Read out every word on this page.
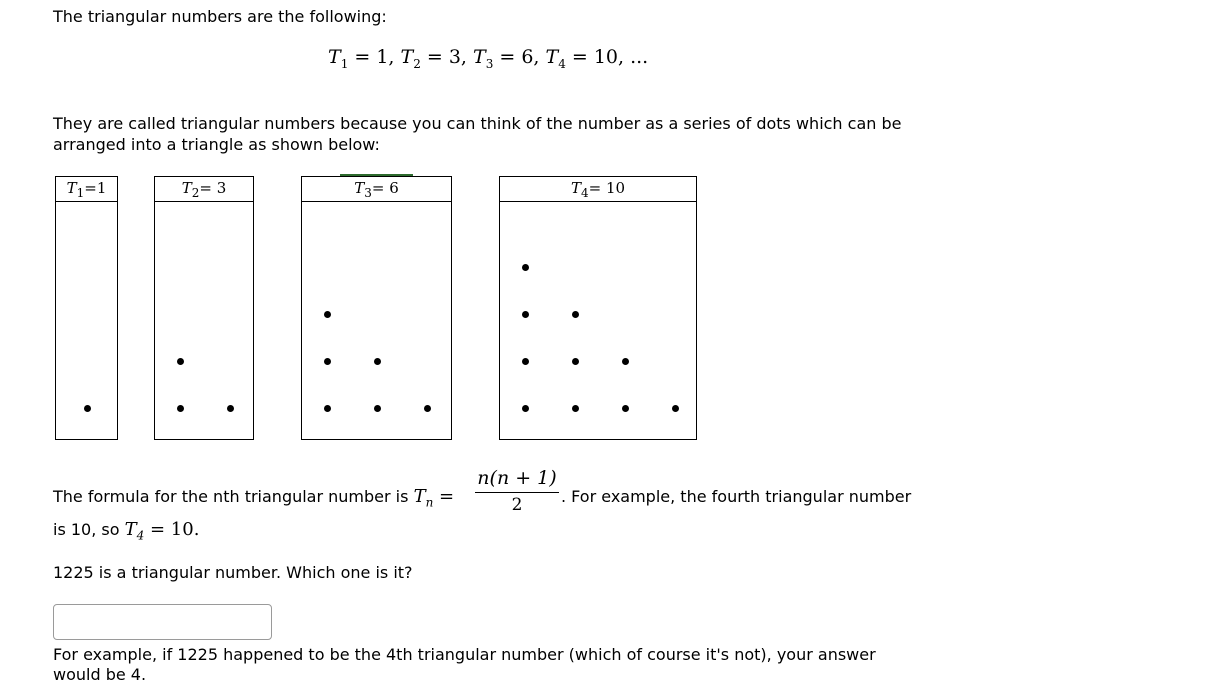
The triangular numbers are the following:
$T_1 = 1$, $T_2 = 3$, $T_3 = 6$, $T_4 = 10$, ...
They are called triangular numbers because you can think of the number as a series of dots which can be
arranged into a triangle as shown below:
$T_1=1$	$T_2= 3$	$T_3= 6$	$T_4= 10$
The formula for the nth triangular number is $T_n$ =
n(n + 1)
2	. For example, the fourth triangular number
is 10, so $T_4 = 10$.
1225 is a triangular number. Which one is it?
For example, if 1225 happened to be the 4th triangular number (which of course it's not), your answer
would be 4.
